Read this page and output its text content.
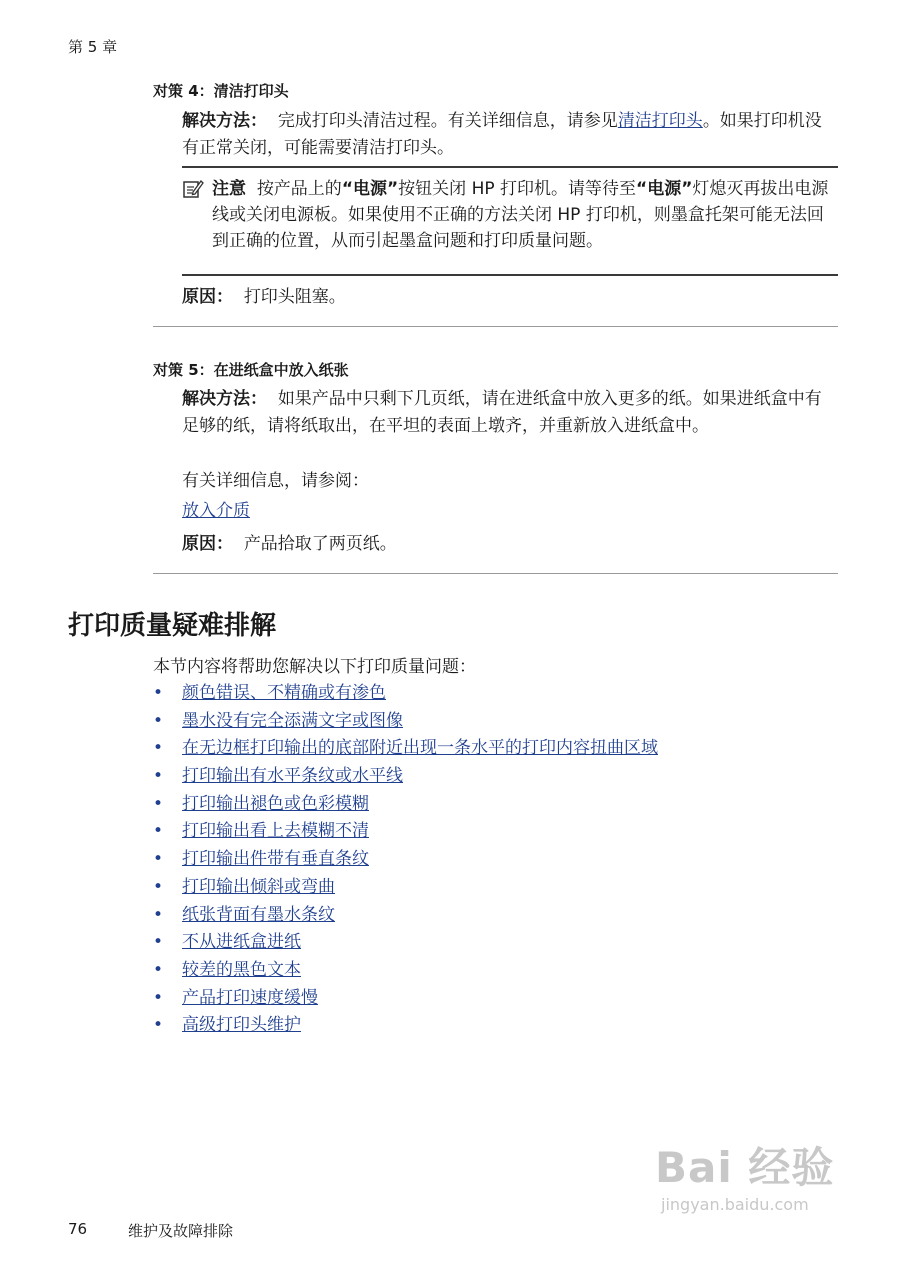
第 5 章
对策 4：清洁打印头
解决方法： 完成打印头清洁过程。有关详细信息，请参见清洁打印头。如果打印机没有正常关闭，可能需要清洁打印头。
注意 按产品上的“电源”按钮关闭 HP 打印机。请等待至“电源”灯熄灭再拔出电源线或关闭电源板。如果使用不正确的方法关闭 HP 打印机，则墨盒托架可能无法回到正确的位置，从而引起墨盒问题和打印质量问题。
原因： 打印头阻塞。
对策 5：在进纸盒中放入纸张
解决方法： 如果产品中只剩下几页纸，请在进纸盒中放入更多的纸。如果进纸盒中有足够的纸，请将纸取出，在平坦的表面上墩齐，并重新放入进纸盒中。
有关详细信息，请参阅：
放入介质
原因： 产品拾取了两页纸。
打印质量疑难排解
本节内容将帮助您解决以下打印质量问题：
• 颜色错误、不精确或有渗色
• 墨水没有完全添满文字或图像
• 在无边框打印输出的底部附近出现一条水平的打印内容扭曲区域
• 打印输出有水平条纹或水平线
• 打印输出褪色或色彩模糊
• 打印输出看上去模糊不清
• 打印输出件带有垂直条纹
• 打印输出倾斜或弯曲
• 纸张背面有墨水条纹
• 不从进纸盒进纸
• 较差的黑色文本
• 产品打印速度缓慢
• 高级打印头维护
Bai 经验
jingyan.baidu.com
76	维护及故障排除
